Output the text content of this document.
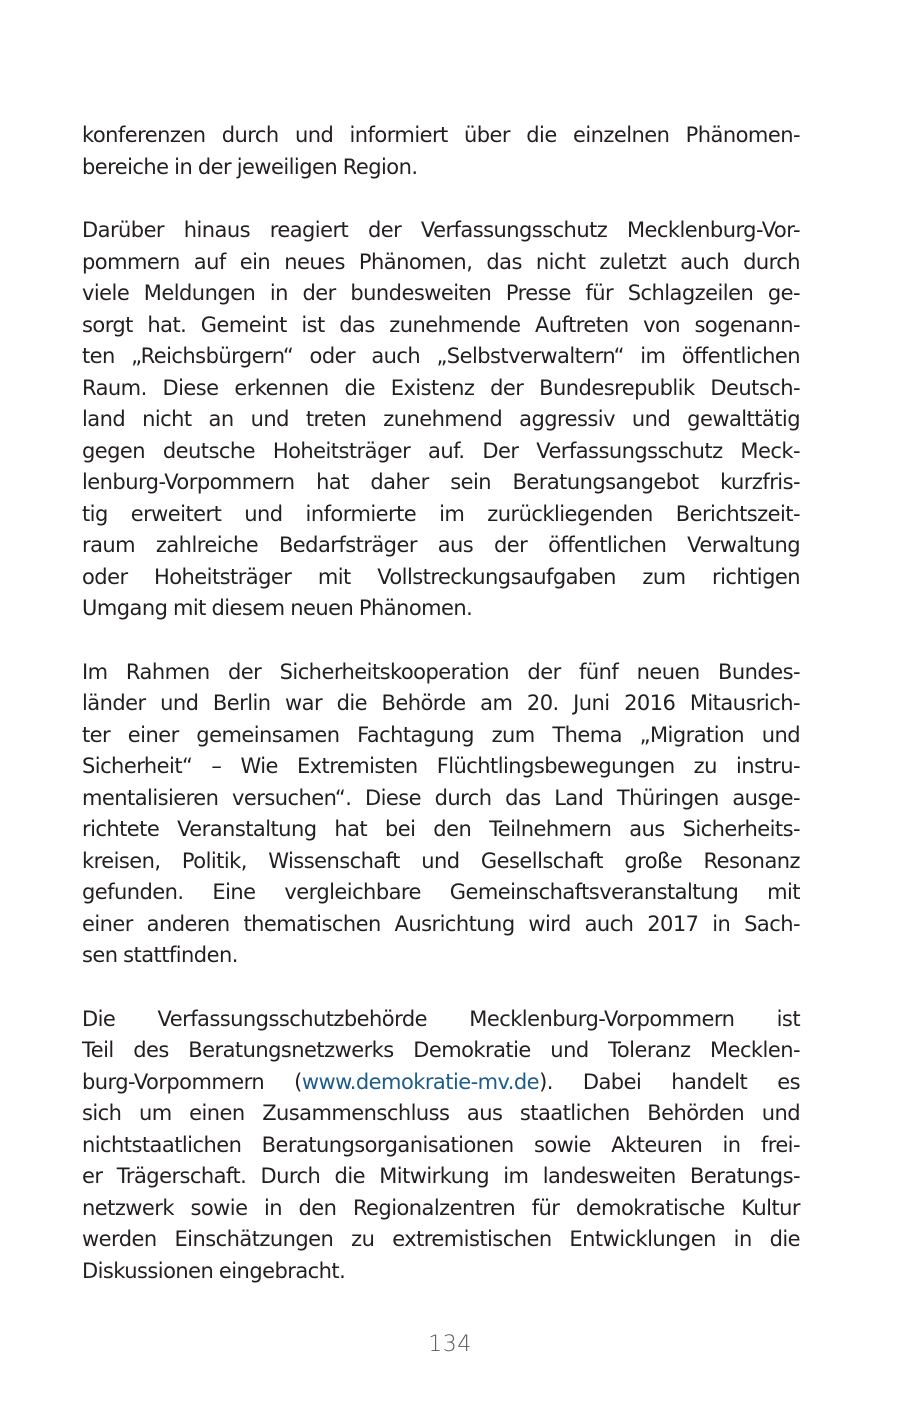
konferenzen durch und informiert über die einzelnen Phänomen-
bereiche in der jeweiligen Region.

Darüber hinaus reagiert der Verfassungsschutz Mecklenburg-Vor-
pommern auf ein neues Phänomen, das nicht zuletzt auch durch
viele Meldungen in der bundesweiten Presse für Schlagzeilen ge-
sorgt hat. Gemeint ist das zunehmende Auftreten von sogenann-
ten „Reichsbürgern“ oder auch „Selbstverwaltern“ im öffentlichen
Raum. Diese erkennen die Existenz der Bundesrepublik Deutsch-
land nicht an und treten zunehmend aggressiv und gewalttätig
gegen deutsche Hoheitsträger auf. Der Verfassungsschutz Meck-
lenburg-Vorpommern hat daher sein Beratungsangebot kurzfris-
tig erweitert und informierte im zurückliegenden Berichtszeit-
raum zahlreiche Bedarfsträger aus der öffentlichen Verwaltung
oder Hoheitsträger mit Vollstreckungsaufgaben zum richtigen
Umgang mit diesem neuen Phänomen.

Im Rahmen der Sicherheitskooperation der fünf neuen Bundes-
länder und Berlin war die Behörde am 20. Juni 2016 Mitausrich-
ter einer gemeinsamen Fachtagung zum Thema „Migration und
Sicherheit“ – Wie Extremisten Flüchtlingsbewegungen zu instru-
mentalisieren versuchen“. Diese durch das Land Thüringen ausge-
richtete Veranstaltung hat bei den Teilnehmern aus Sicherheits-
kreisen, Politik, Wissenschaft und Gesellschaft große Resonanz
gefunden. Eine vergleichbare Gemeinschaftsveranstaltung mit
einer anderen thematischen Ausrichtung wird auch 2017 in Sach-
sen stattfinden.

Die Verfassungsschutzbehörde Mecklenburg-Vorpommern ist
Teil des Beratungsnetzwerks Demokratie und Toleranz Mecklen-
burg-Vorpommern (www.demokratie-mv.de). Dabei handelt es
sich um einen Zusammenschluss aus staatlichen Behörden und
nichtstaatlichen Beratungsorganisationen sowie Akteuren in frei-
er Trägerschaft. Durch die Mitwirkung im landesweiten Beratungs-
netzwerk sowie in den Regionalzentren für demokratische Kultur
werden Einschätzungen zu extremistischen Entwicklungen in die
Diskussionen eingebracht.

134
